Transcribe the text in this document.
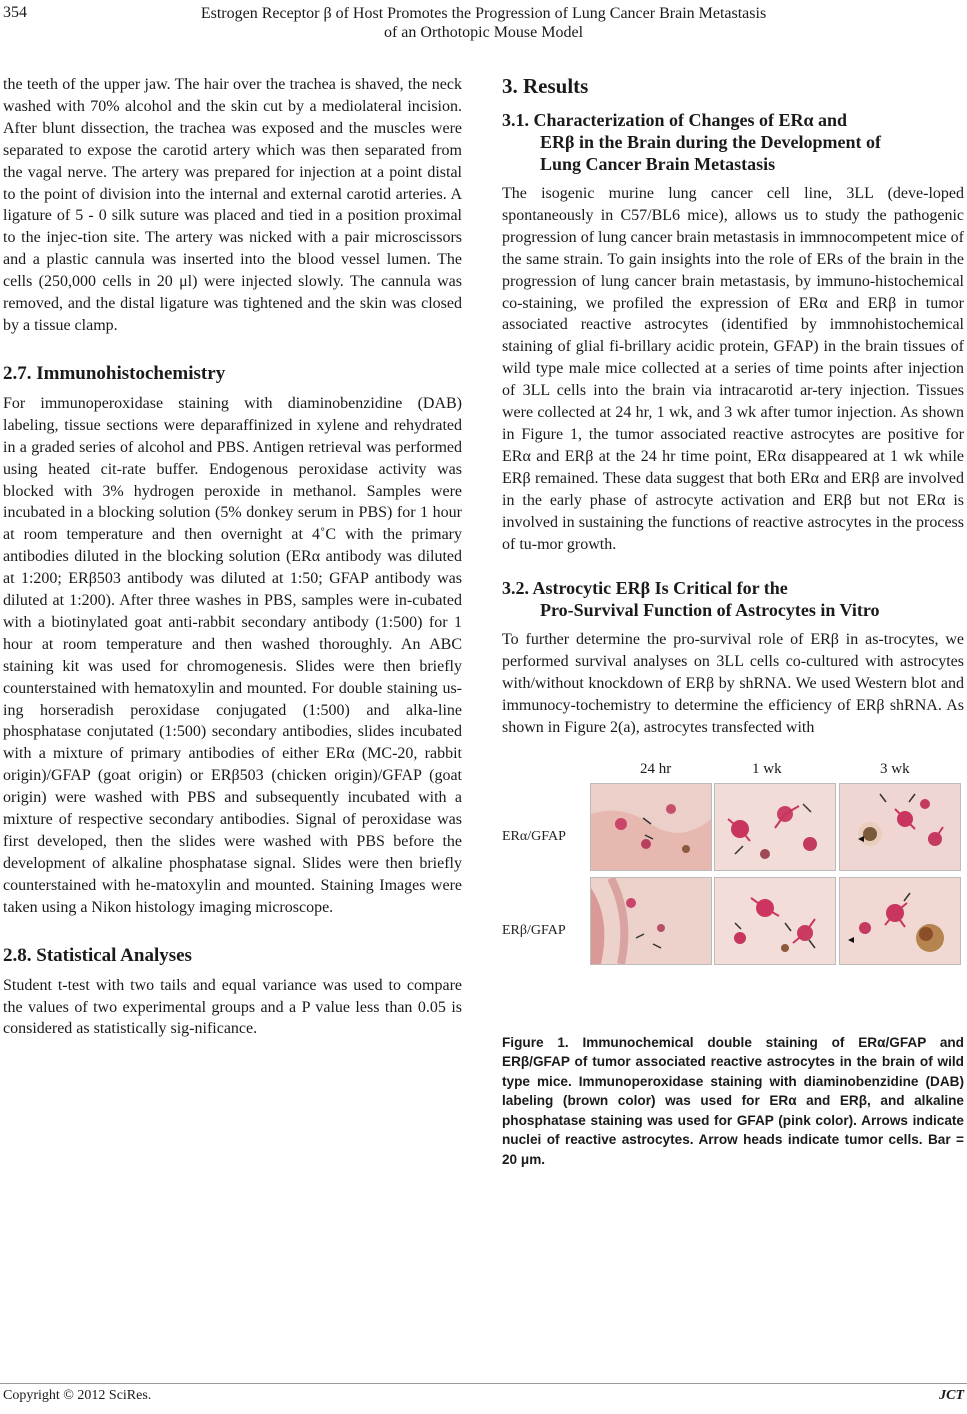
354	Estrogen Receptor β of Host Promotes the Progression of Lung Cancer Brain Metastasis
of an Orthotopic Mouse Model

the teeth of the upper jaw. The hair over the trachea is shaved, the neck washed with 70% alcohol and the skin cut by a mediolateral incision. After blunt dissection, the trachea was exposed and the muscles were separated to expose the carotid artery which was then separated from the vagal nerve. The artery was prepared for injection at a point distal to the point of division into the internal and external carotid arteries. A ligature of 5 - 0 silk suture was placed and tied in a position proximal to the injec-tion site. The artery was nicked with a pair microscissors and a plastic cannula was inserted into the blood vessel lumen. The cells (250,000 cells in 20 μl) were injected slowly. The cannula was removed, and the distal ligature was tightened and the skin was closed by a tissue clamp.

2.7. Immunohistochemistry

For immunoperoxidase staining with diaminobenzidine (DAB) labeling, tissue sections were deparaffinized in xylene and rehydrated in a graded series of alcohol and PBS. Antigen retrieval was performed using heated cit-rate buffer. Endogenous peroxidase activity was blocked with 3% hydrogen peroxide in methanol. Samples were incubated in a blocking solution (5% donkey serum in PBS) for 1 hour at room temperature and then overnight at 4˚C with the primary antibodies diluted in the blocking solution (ERα antibody was diluted at 1:200; ERβ503 antibody was diluted at 1:50; GFAP antibody was diluted at 1:200). After three washes in PBS, samples were in-cubated with a biotinylated goat anti-rabbit secondary antibody (1:500) for 1 hour at room temperature and then washed thoroughly. An ABC staining kit was used for chromogenesis. Slides were then briefly counterstained with hematoxylin and mounted. For double staining us-ing horseradish peroxidase conjugated (1:500) and alka-line phosphatase conjutated (1:500) secondary antibodies, slides incubated with a mixture of primary antibodies of either ERα (MC-20, rabbit origin)/GFAP (goat origin) or ERβ503 (chicken origin)/GFAP (goat origin) were washed with PBS and subsequently incubated with a mixture of respective secondary antibodies. Signal of peroxidase was first developed, then the slides were washed with PBS before the development of alkaline phosphatase signal. Slides were then briefly counterstained with he-matoxylin and mounted. Staining Images were taken using a Nikon histology imaging microscope.

2.8. Statistical Analyses

Student t-test with two tails and equal variance was used to compare the values of two experimental groups and a P value less than 0.05 is considered as statistically sig-nificance.

3. Results
3.1. Characterization of Changes of ERα and
ERβ in the Brain during the Development of
Lung Cancer Brain Metastasis

The isogenic murine lung cancer cell line, 3LL (deve-loped spontaneously in C57/BL6 mice), allows us to study the pathogenic progression of lung cancer brain metastasis in immnocompetent mice of the same strain. To gain insights into the role of ERs of the brain in the progression of lung cancer brain metastasis, by immuno-histochemical co-staining, we profiled the expression of ERα and ERβ in tumor associated reactive astrocytes (identified by immnohistochemical staining of glial fi-brillary acidic protein, GFAP) in the brain tissues of wild type male mice collected at a series of time points after injection of 3LL cells into the brain via intracarotid ar-tery injection. Tissues were collected at 24 hr, 1 wk, and 3 wk after tumor injection. As shown in Figure 1, the tumor associated reactive astrocytes are positive for ERα and ERβ at the 24 hr time point, ERα disappeared at 1 wk while ERβ remained. These data suggest that both ERα and ERβ are involved in the early phase of astrocyte activation and ERβ but not ERα is involved in sustaining the functions of reactive astrocytes in the process of tu-mor growth.

3.2. Astrocytic ERβ Is Critical for the
Pro-Survival Function of Astrocytes in Vitro

To further determine the pro-survival role of ERβ in as-trocytes, we performed survival analyses on 3LL cells co-cultured with astrocytes with/without knockdown of ERβ by shRNA. We used Western blot and immunocy-tochemistry to determine the efficiency of ERβ shRNA. As shown in Figure 2(a), astrocytes transfected with

24 hr	1 wk	3 wk
ERα/GFAP
ERβ/GFAP
Figure 1. Immunochemical double staining of ERα/GFAP and ERβ/GFAP of tumor associated reactive astrocytes in the brain of wild type mice. Immunoperoxidase staining with diaminobenzidine (DAB) labeling (brown color) was used for ERα and ERβ, and alkaline phosphatase staining was used for GFAP (pink color). Arrows indicate nuclei of reactive astrocytes. Arrow heads indicate tumor cells. Bar = 20 μm.
Copyright © 2012 SciRes.	JCT
